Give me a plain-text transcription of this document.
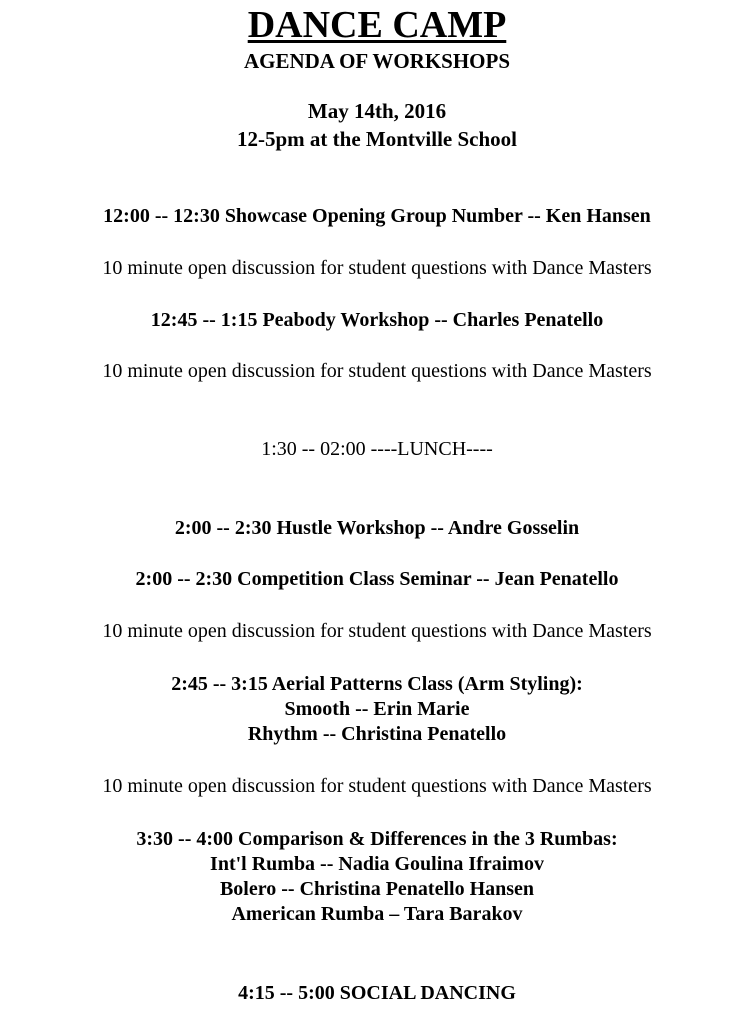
DANCE CAMP
AGENDA OF WORKSHOPS
May 14th, 2016
12-5pm at the Montville School
12:00 -- 12:30 Showcase Opening Group Number -- Ken Hansen
10 minute open discussion for student questions with Dance Masters
12:45 -- 1:15 Peabody Workshop -- Charles Penatello
10 minute open discussion for student questions with Dance Masters
1:30 -- 02:00 ----LUNCH----
2:00 -- 2:30 Hustle Workshop -- Andre Gosselin
2:00 -- 2:30 Competition Class Seminar -- Jean Penatello
10 minute open discussion for student questions with Dance Masters
2:45 -- 3:15 Aerial Patterns Class (Arm Styling):
Smooth -- Erin Marie
Rhythm -- Christina Penatello
10 minute open discussion for student questions with Dance Masters
3:30 -- 4:00 Comparison & Differences in the 3 Rumbas:
Int'l Rumba -- Nadia Goulina Ifraimov
Bolero -- Christina Penatello Hansen
American Rumba – Tara Barakov
4:15 -- 5:00 SOCIAL DANCING
